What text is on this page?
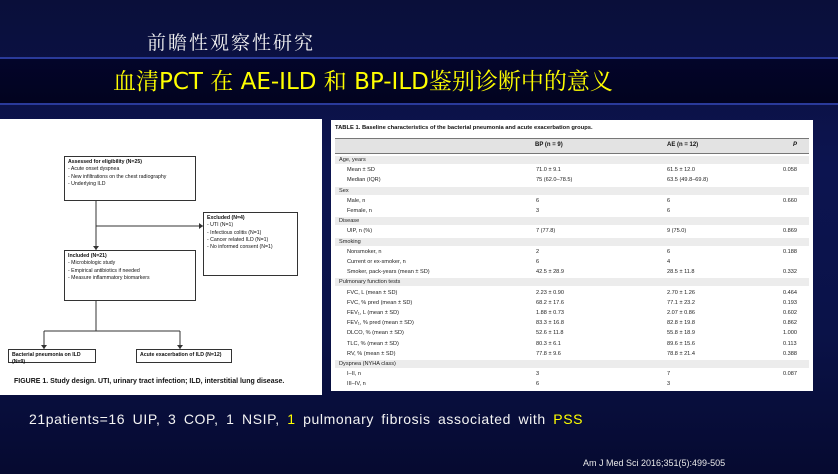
前瞻性观察性研究
血清PCT 在 AE-ILD 和 BP-ILD鉴别诊断中的意义
Assessed for eligibility (N=25)
- Acute onset dyspnea
- New infiltrations on the chest radiography
- Underlying ILD
Excluded (N=4)
- UTI (N=1)
- Infectious colitis (N=1)
- Cancer related ILD (N=1)
- No informed consent (N=1)
Included (N=21)
- Microbiologic study
- Empirical antibiotics if needed
- Measure inflammatory biomarkers
Bacterial pneumonia on ILD (N=9)
Acute exacerbation of ILD (N=12)
FIGURE 1. Study design. UTI, urinary tract infection; ILD, interstitial lung disease.
TABLE 1. Baseline characteristics of the bacterial pneumonia and acute exacerbation groups.
BP (n = 9)	AE (n = 12)	P
Age, years
Mean ± SD	71.0 ± 9.1	61.5 ± 12.0	0.058
Median (IQR)	75 (62.0–78.5)	63.5 (49.8–69.8)
Sex
Male, n	6	6	0.660
Female, n	3	6
Disease
UIP, n (%)	7 (77.8)	9 (75.0)	0.869
Smoking
Nonsmoker, n	2	6	0.188
Current or ex-smoker, n	6	4
Smoker, pack-years (mean ± SD)	42.5 ± 28.9	28.5 ± 11.8	0.332
Pulmonary function tests
FVC, L (mean ± SD)	2.23 ± 0.90	2.70 ± 1.26	0.464
FVC, % pred (mean ± SD)	68.2 ± 17.6	77.1 ± 23.2	0.193
FEV₁, L (mean ± SD)	1.88 ± 0.73	2.07 ± 0.86	0.602
FEV₁, % pred (mean ± SD)	83.3 ± 16.8	82.8 ± 19.8	0.862
DLCO, % (mean ± SD)	52.6 ± 11.8	55.8 ± 18.9	1.000
TLC, % (mean ± SD)	80.3 ± 6.1	89.6 ± 15.6	0.113
RV, % (mean ± SD)	77.8 ± 9.6	78.8 ± 21.4	0.388
Dyspnea (NYHA class)
I–II, n	3	7	0.087
III–IV, n	6	3
21patients=16 UIP, 3 COP, 1 NSIP, 1 pulmonary fibrosis associated with PSS
Am J Med Sci 2016;351(5):499-505
